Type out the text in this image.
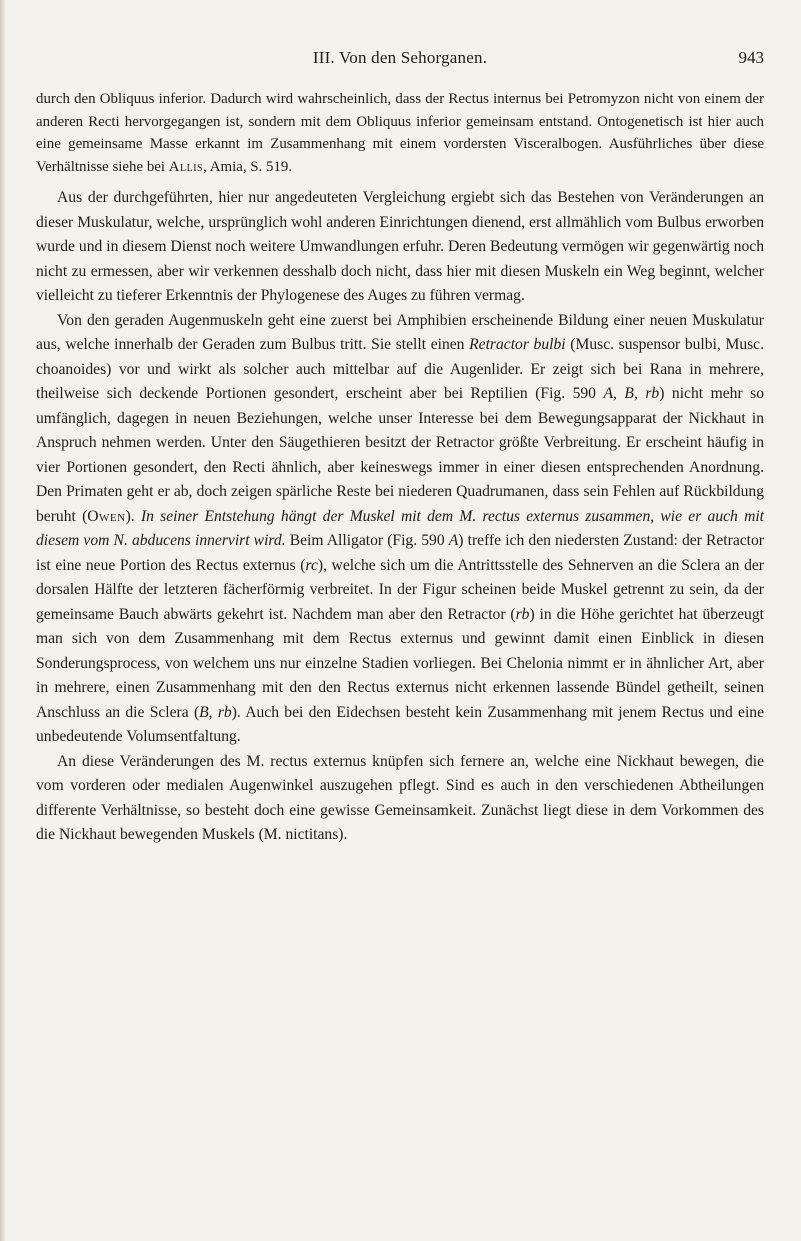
III. Von den Sehorganen.	943

durch den Obliquus inferior. Dadurch wird wahrscheinlich, dass der Rectus internus bei Petromyzon nicht von einem der anderen Recti hervorgegangen ist, sondern mit dem Obliquus inferior gemeinsam entstand. Ontogenetisch ist hier auch eine gemeinsame Masse erkannt im Zusammenhang mit einem vordersten Visceralbogen. Ausführliches über diese Verhältnisse siehe bei Allis, Amia, S. 519.

Aus der durchgeführten, hier nur angedeuteten Vergleichung ergiebt sich das Bestehen von Veränderungen an dieser Muskulatur, welche, ursprünglich wohl anderen Einrichtungen dienend, erst allmählich vom Bulbus erworben wurde und in diesem Dienst noch weitere Umwandlungen erfuhr. Deren Bedeutung vermögen wir gegenwärtig noch nicht zu ermessen, aber wir verkennen desshalb doch nicht, dass hier mit diesen Muskeln ein Weg beginnt, welcher vielleicht zu tieferer Erkenntnis der Phylogenese des Auges zu führen vermag.

Von den geraden Augenmuskeln geht eine zuerst bei Amphibien erscheinende Bildung einer neuen Muskulatur aus, welche innerhalb der Geraden zum Bulbus tritt. Sie stellt einen Retractor bulbi (Musc. suspensor bulbi, Musc. choanoides) vor und wirkt als solcher auch mittelbar auf die Augenlider. Er zeigt sich bei Rana in mehrere, theilweise sich deckende Portionen gesondert, erscheint aber bei Reptilien (Fig. 590 A, B, rb) nicht mehr so umfänglich, dagegen in neuen Beziehungen, welche unser Interesse bei dem Bewegungsapparat der Nickhaut in Anspruch nehmen werden. Unter den Säugethieren besitzt der Retractor größte Verbreitung. Er erscheint häufig in vier Portionen gesondert, den Recti ähnlich, aber keineswegs immer in einer diesen entsprechenden Anordnung. Den Primaten geht er ab, doch zeigen spärliche Reste bei niederen Quadrumanen, dass sein Fehlen auf Rückbildung beruht (Owen). In seiner Entstehung hängt der Muskel mit dem M. rectus externus zusammen, wie er auch mit diesem vom N. abducens innervirt wird. Beim Alligator (Fig. 590 A) treffe ich den niedersten Zustand: der Retractor ist eine neue Portion des Rectus externus (rc), welche sich um die Antrittsstelle des Sehnerven an die Sclera an der dorsalen Hälfte der letzteren fächerförmig verbreitet. In der Figur scheinen beide Muskel getrennt zu sein, da der gemeinsame Bauch abwärts gekehrt ist. Nachdem man aber den Retractor (rb) in die Höhe gerichtet hat überzeugt man sich von dem Zusammenhang mit dem Rectus externus und gewinnt damit einen Einblick in diesen Sonderungsprocess, von welchem uns nur einzelne Stadien vorliegen. Bei Chelonia nimmt er in ähnlicher Art, aber in mehrere, einen Zusammenhang mit den den Rectus externus nicht erkennen lassende Bündel getheilt, seinen Anschluss an die Sclera (B, rb). Auch bei den Eidechsen besteht kein Zusammenhang mit jenem Rectus und eine unbedeutende Volumsentfaltung.

An diese Veränderungen des M. rectus externus knüpfen sich fernere an, welche eine Nickhaut bewegen, die vom vorderen oder medialen Augenwinkel auszugehen pflegt. Sind es auch in den verschiedenen Abtheilungen differente Verhältnisse, so besteht doch eine gewisse Gemeinsamkeit. Zunächst liegt diese in dem Vorkommen des die Nickhaut bewegenden Muskels (M. nictitans).
